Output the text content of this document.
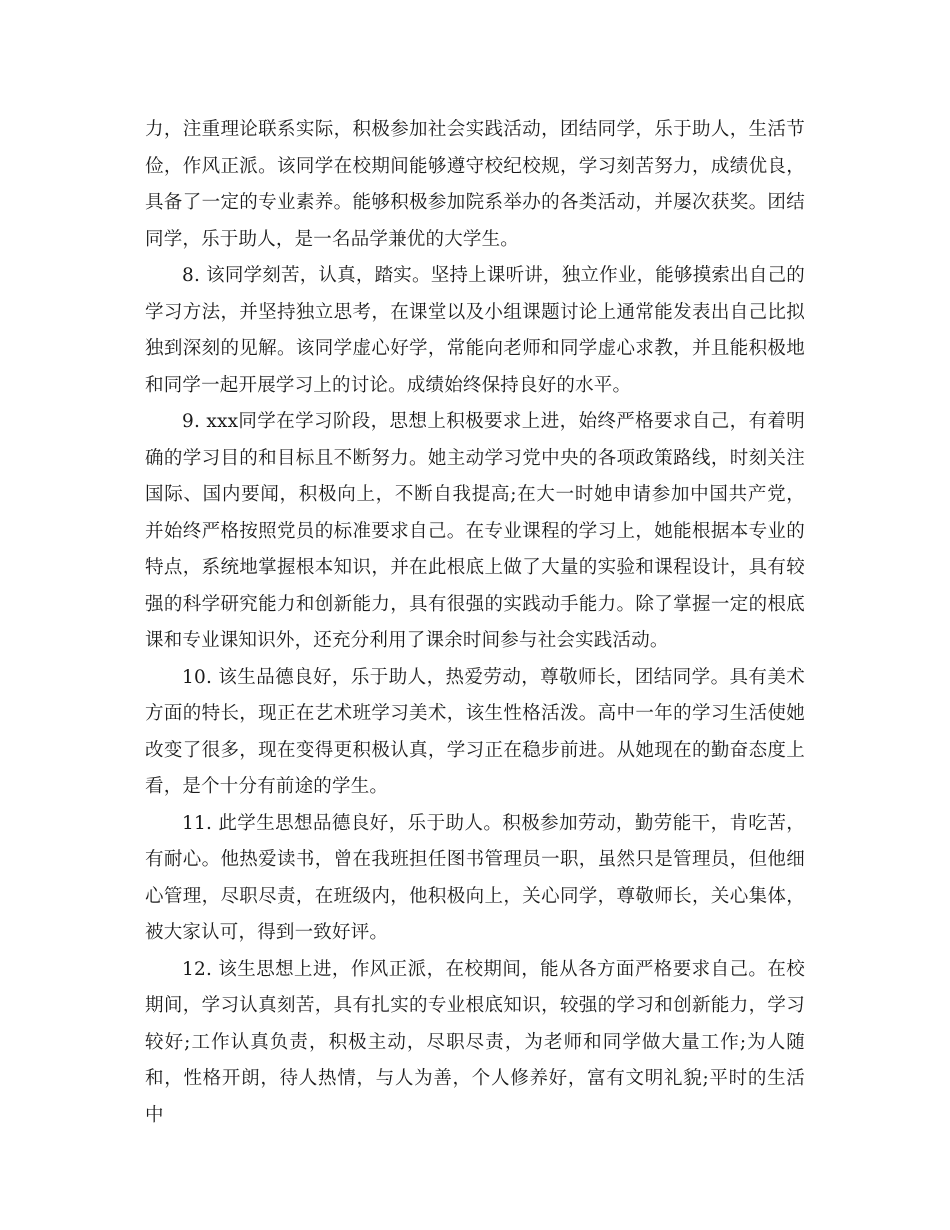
力，注重理论联系实际，积极参加社会实践活动，团结同学，乐于助人，生活节俭，作风正派。该同学在校期间能够遵守校纪校规，学习刻苦努力，成绩优良，具备了一定的专业素养。能够积极参加院系举办的各类活动，并屡次获奖。团结同学，乐于助人，是一名品学兼优的大学生。

8. 该同学刻苦，认真，踏实。坚持上课听讲，独立作业，能够摸索出自己的学习方法，并坚持独立思考，在课堂以及小组课题讨论上通常能发表出自己比拟独到深刻的见解。该同学虚心好学，常能向老师和同学虚心求教，并且能积极地和同学一起开展学习上的讨论。成绩始终保持良好的水平。

9. xxx同学在学习阶段，思想上积极要求上进，始终严格要求自己，有着明确的学习目的和目标且不断努力。她主动学习党中央的各项政策路线，时刻关注国际、国内要闻，积极向上，不断自我提高;在大一时她申请参加中国共产党，并始终严格按照党员的标准要求自己。在专业课程的学习上，她能根据本专业的特点，系统地掌握根本知识，并在此根底上做了大量的实验和课程设计，具有较强的科学研究能力和创新能力，具有很强的实践动手能力。除了掌握一定的根底课和专业课知识外，还充分利用了课余时间参与社会实践活动。

10. 该生品德良好，乐于助人，热爱劳动，尊敬师长，团结同学。具有美术方面的特长，现正在艺术班学习美术，该生性格活泼。高中一年的学习生活使她改变了很多，现在变得更积极认真，学习正在稳步前进。从她现在的勤奋态度上看，是个十分有前途的学生。

11. 此学生思想品德良好，乐于助人。积极参加劳动，勤劳能干，肯吃苦，有耐心。他热爱读书，曾在我班担任图书管理员一职，虽然只是管理员，但他细心管理，尽职尽责，在班级内，他积极向上，关心同学，尊敬师长，关心集体，被大家认可，得到一致好评。

12. 该生思想上进，作风正派，在校期间，能从各方面严格要求自己。在校期间，学习认真刻苦，具有扎实的专业根底知识，较强的学习和创新能力，学习较好;工作认真负责，积极主动，尽职尽责，为老师和同学做大量工作;为人随和，性格开朗，待人热情，与人为善，个人修养好，富有文明礼貌;平时的生活中
